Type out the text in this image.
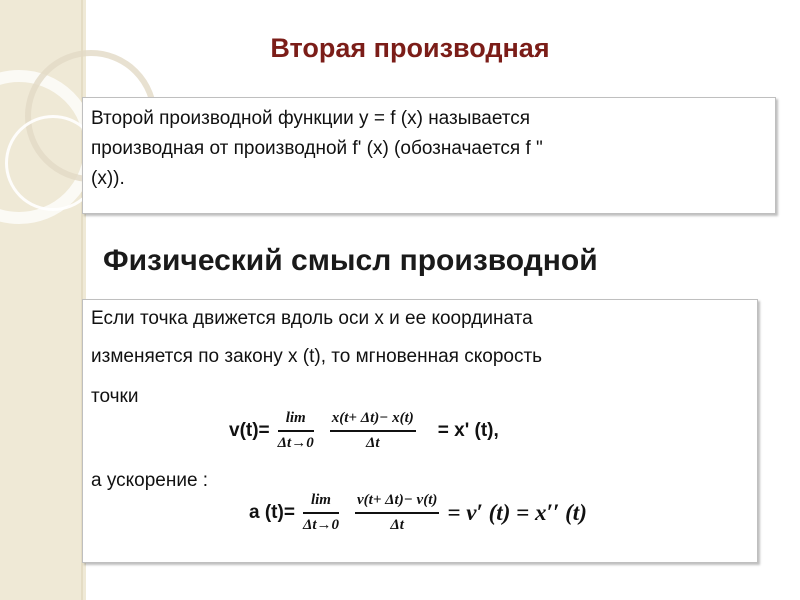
Вторая производная

Второй производной функции y = f (x) называется
производная от производной f' (x) (обозначается f "
(x)).

Физический смысл производной
Если точка движется вдоль оси x и ее координата
изменяется по закону x (t), то мгновенная скорость
точки
$v(t)= \frac{\lim}{\Delta t\to 0} \frac{x(t+ \Delta t)- x(t)}{\Delta t} = x'$ (t),
а ускорение :
a $(t)= \frac{\lim}{\Delta t\to 0} \frac{v(t+ \Delta t)- v(t)}{\Delta t} = v'$ (t) = x′′ (t)
